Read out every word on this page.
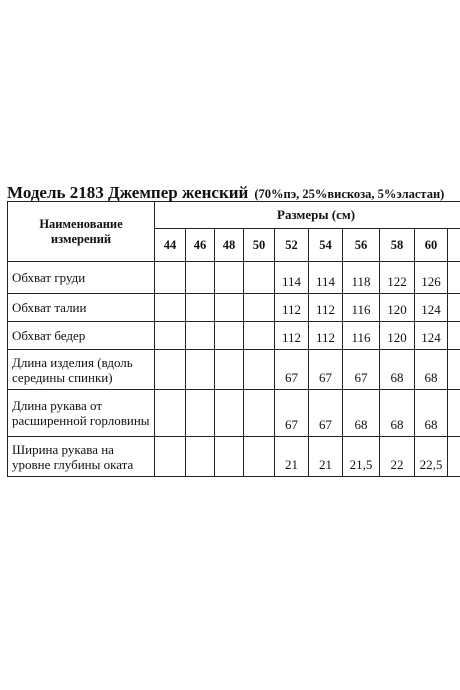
Модель 2183 Джемпер женский (70%пэ, 25%вискоза, 5%эластан)
Наименование измерений	Размеры (см)									
	44	46	48	50	52	54	56	58	60	
Обхват груди					114	114	118	122	126	
Обхват талии					112	112	116	120	124	
Обхват бедер					112	112	116	120	124	
Длина изделия (вдоль середины спинки)					67	67	67	68	68	
Длина рукава от расширенной горловины					67	67	68	68	68	
Ширина рукава на уровне глубины оката					21	21	21,5	22	22,5	
